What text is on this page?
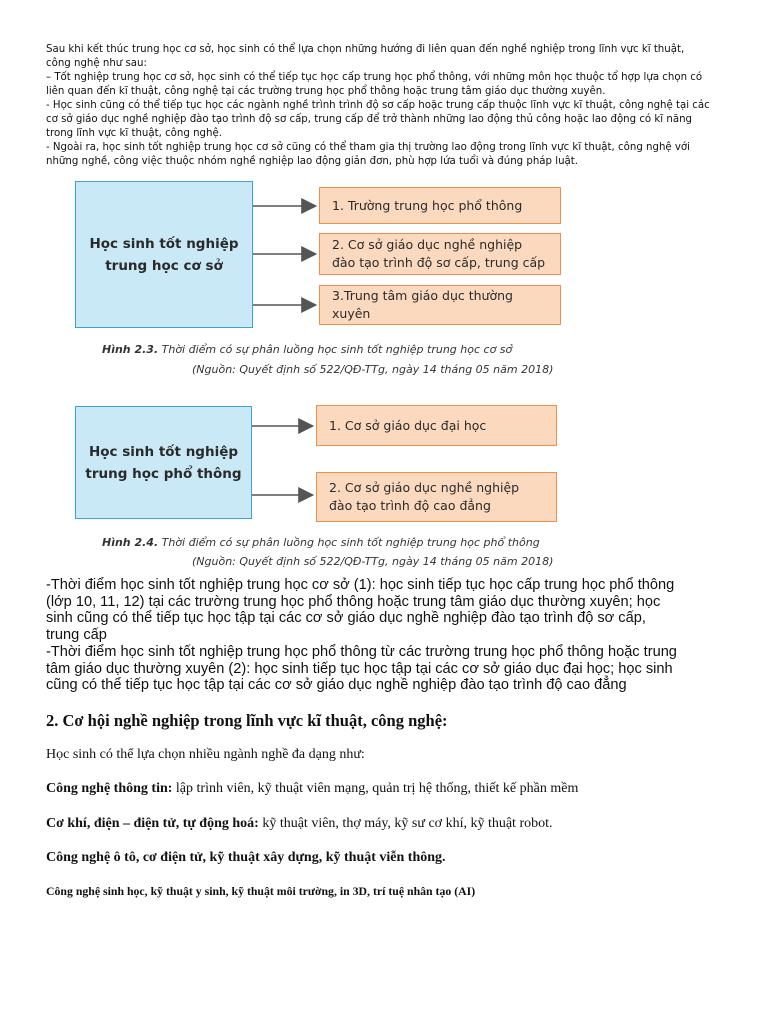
Sau khi kết thúc trung học cơ sở, học sinh có thể lựa chọn những hướng đi liên quan đến nghề nghiệp trong lĩnh vực kĩ thuật,

công nghệ như sau:

– Tốt nghiệp trung học cơ sở, học sinh có thể tiếp tục học cấp trung học phổ thông, với những môn học thuộc tổ hợp lựa chọn có

liên quan đến kĩ thuật, công nghệ tại các trường trung học phổ thông hoặc trung tâm giáo dục thường xuyên.

- Học sinh cũng có thể tiếp tục học các ngành nghề trình trình độ sơ cấp hoặc trung cấp thuộc lĩnh vực kĩ thuật, công nghệ tại các

cơ sở giáo dục nghề nghiệp đào tạo trình độ sơ cấp, trung cấp để trở thành những lao động thủ công hoặc lao động có kĩ năng

trong lĩnh vực kĩ thuật, công nghệ.

- Ngoài ra, học sinh tốt nghiệp trung học cơ sở cũng có thể tham gia thị trường lao động trong lĩnh vực kĩ thuật, công nghệ với

những nghề, công việc thuộc nhóm nghề nghiệp lao động giản đơn, phù hợp lứa tuổi và đúng pháp luật.

Học sinh tốt nghiệp
trung học cơ sở
1. Trường trung học phổ thông
2. Cơ sở giáo dục nghề nghiệp
đào tạo trình độ sơ cấp, trung cấp
3.Trung tâm giáo dục thường xuyên
Hình 2.3. Thời điểm có sự phân luồng học sinh tốt nghiệp trung học cơ sở
(Nguồn: Quyết định số 522/QĐ-TTg, ngày 14 tháng 05 năm 2018)
Học sinh tốt nghiệp
trung học phổ thông
1. Cơ sở giáo dục đại học
2. Cơ sở giáo dục nghề nghiệp
đào tạo trình độ cao đẳng
Hình 2.4. Thời điểm có sự phân luồng học sinh tốt nghiệp trung học phổ thông
(Nguồn: Quyết định số 522/QĐ-TTg, ngày 14 tháng 05 năm 2018)
-Thời điểm học sinh tốt nghiệp trung học cơ sở (1): học sinh tiếp tục học cấp trung học phổ thông
(lớp 10, 11, 12) tại các trường trung học phổ thông hoặc trung tâm giáo dục thường xuyên; học
sinh cũng có thể tiếp tục học tập tại các cơ sở giáo dục nghề nghiệp đào tạo trình độ sơ cấp,
trung cấp
-Thời điểm học sinh tốt nghiệp trung học phổ thông từ các trường trung học phổ thông hoặc trung
tâm giáo dục thường xuyên (2): học sinh tiếp tục học tập tại các cơ sở giáo dục đại học; học sinh
cũng có thể tiếp tục học tập tại các cơ sở giáo dục nghề nghiệp đào tạo trình độ cao đẳng
2. Cơ hội nghề nghiệp trong lĩnh vực kĩ thuật, công nghệ:
Học sinh có thể lựa chọn nhiều ngành nghề đa dạng như:
Công nghệ thông tin: lập trình viên, kỹ thuật viên mạng, quản trị hệ thống, thiết kế phần mềm
Cơ khí, điện – điện tử, tự động hoá: kỹ thuật viên, thợ máy, kỹ sư cơ khí, kỹ thuật robot.
Công nghệ ô tô, cơ điện tử, kỹ thuật xây dựng, kỹ thuật viễn thông.
Công nghệ sinh học, kỹ thuật y sinh, kỹ thuật môi trường, in 3D, trí tuệ nhân tạo (AI)
